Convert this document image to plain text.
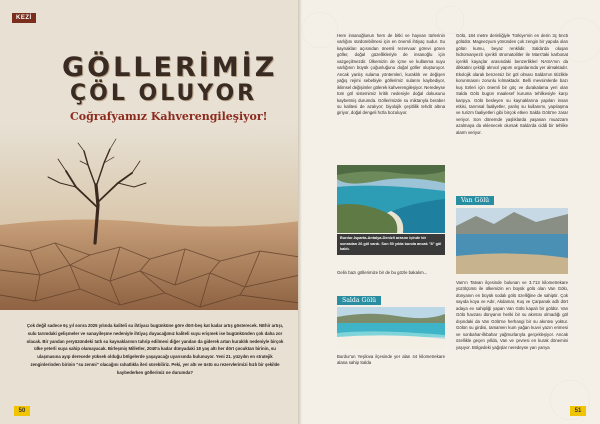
KEZİ
GÖLLERİMİZ
ÇÖL OLUYOR
Coğrafyamız Kahverengileşiyor!

Çok değil sadece 6ç yıl sonra 2025 yılında kaliteli su ihtiyacı bugünküne göre dört-beş kat kadar artış gösterecek. NEhir artışı, sulu tarımdaki gelişmeler ve sanayileşme nedeniyle ihtiyaç duyacağımız kaliteli suyu erişmek ise bugünkünden çok daha zor olacak. Bir yandan yeryüzündeki tatlı su kaynaklarının tahrip edilmesi diğer yandan da giderek artan kuraklık nedeniyle birçok ülke yeterli suya sahip olamayacak. Birleşmiş Milletler, 2040'a kadar dünyadaki 18 yaş altı her dört çocuktan birinin, su ulaşmasına ayıp derecede yüksek olduğu bölgelerde yaşayacağı uyarısında bulunuyor. Yeni 21. yüzyılın en stratejik zenginlerinden birinin "su zenmi" olacağını rahatlıkla ileri sürebiliriz. Peki, yer altı ve üstü su rezervlerimizi hızlı bir şekilde kaybederken göllerimiz ne durumda?

50

Hem insanoğlunun hem de bitki ve hayvan türlerinin varlığını sürdürebilmesi için en önemli ihtiyaç sudur. Su kaynakları açısından önemli rezervuar görevi gören göller, doğal güzellikleriyle de insanoğlu için vazgeçilmezdir. Ülkemizin de içme ve kullanma suyu varlığının büyük çoğunluğunu doğal göller oluşturuyor. Ancak yanlış sulama yöntemleri, kuraklık ve değişen yağış rejimi sebebiyle göllerimiz sularını kaybediyor, iklimsel değişimler gölerek kahverengileşiyor. Neredeyse tüm göl sistemimiz kritik nedeniyle doğal dokusunu kaybetmiş durumda. Göllerimizde su miktarıyla beraber su kalitesi de azalıyor; biyolojik çeşitlilik tehdit altına giriyor, doğal dengeli hızla bozuluyor.

Burdur-Isparta-Antalya-Denizli arasını içinde bir sonradan 26 göl vardı. Son 50 yılda bunda ancak "8" göl kaldı.

Gelin bazı göllerimize bir de bu gözle bakalım...

Salda Gölü

Burdur'un Yeşilova ilçesinde yer alan 44 kilometrekare alana sahip Salda

Gölü, 184 metre derinliğiyle Türkiye'nin en derin 3ç 5nc5 gölüdür. Magnezyum yönünden çok zengin bir yapıda olan gölün kumu, beyaz renklidir. Salda'da oluşan hidromanyezit içerikli stromatolitler ile Mars'taki karbonat içerikli kayaçlar arasındaki benzerlikleri NASA'nın da dikkatini çektiği almıcıl yapım organlarında yer almaktadır. Ekolojik olarak benzersiz bir göl olması Salda'nın titizlikle korunmasını zorunlu kılmaktadır. Belli mevsimlerde bazı kuş türleri için önemli bir göç ve durakalama yeri olan Salda Gölü bugün maalesef kuruma tehlikesiyle karşı karşıya. Gölü besleyen su kaynaklarına yapılan insan etkisi, tarımsal faaliyetler, yanlış su kullanımı, yapılaşma ve turizm faaliyetleri gibi birçok etken Salda Gölü'ne zarar veriyor. Son dönemde yaşlıklarda yaşanan muazzam azalmaya da eklenecek olursak Salda'da ciddi bir tehlike alarm veriyor.

Van Gölü

Van'ın Tatvan ilçesinde bulunan ve 3.713 kilometrekare yüzölçümü ile ülkemizin en büyük gölü olan Van Gölü, dünyanın en büyük sodalı gölü özelliğine de sahiptir. Çok sayıda koya ve Adır, Akdamar, Kuş ve Çarpanak adlı dört adaya ev sahipliği yapan Van Gölü kapalı bir göldür. Van Gölü havzası dünyanın heriki bir su akıntısı olmadığı göl dışındaki da Van Gölü'ne herhangi bir su akıntısı yoktur. Gölün su girdisi, tamamen kum yağan kuvvi yazın erimesi ve sonbahar-ilkbahar yağmurlarıyla gerçekleşiyor. Ancak özellikle geçen yıllda, Van ve çevresi en kurak dönemini yaşıyor. Bölgedeki yağışlar neredeyse yarı yarıya

51
